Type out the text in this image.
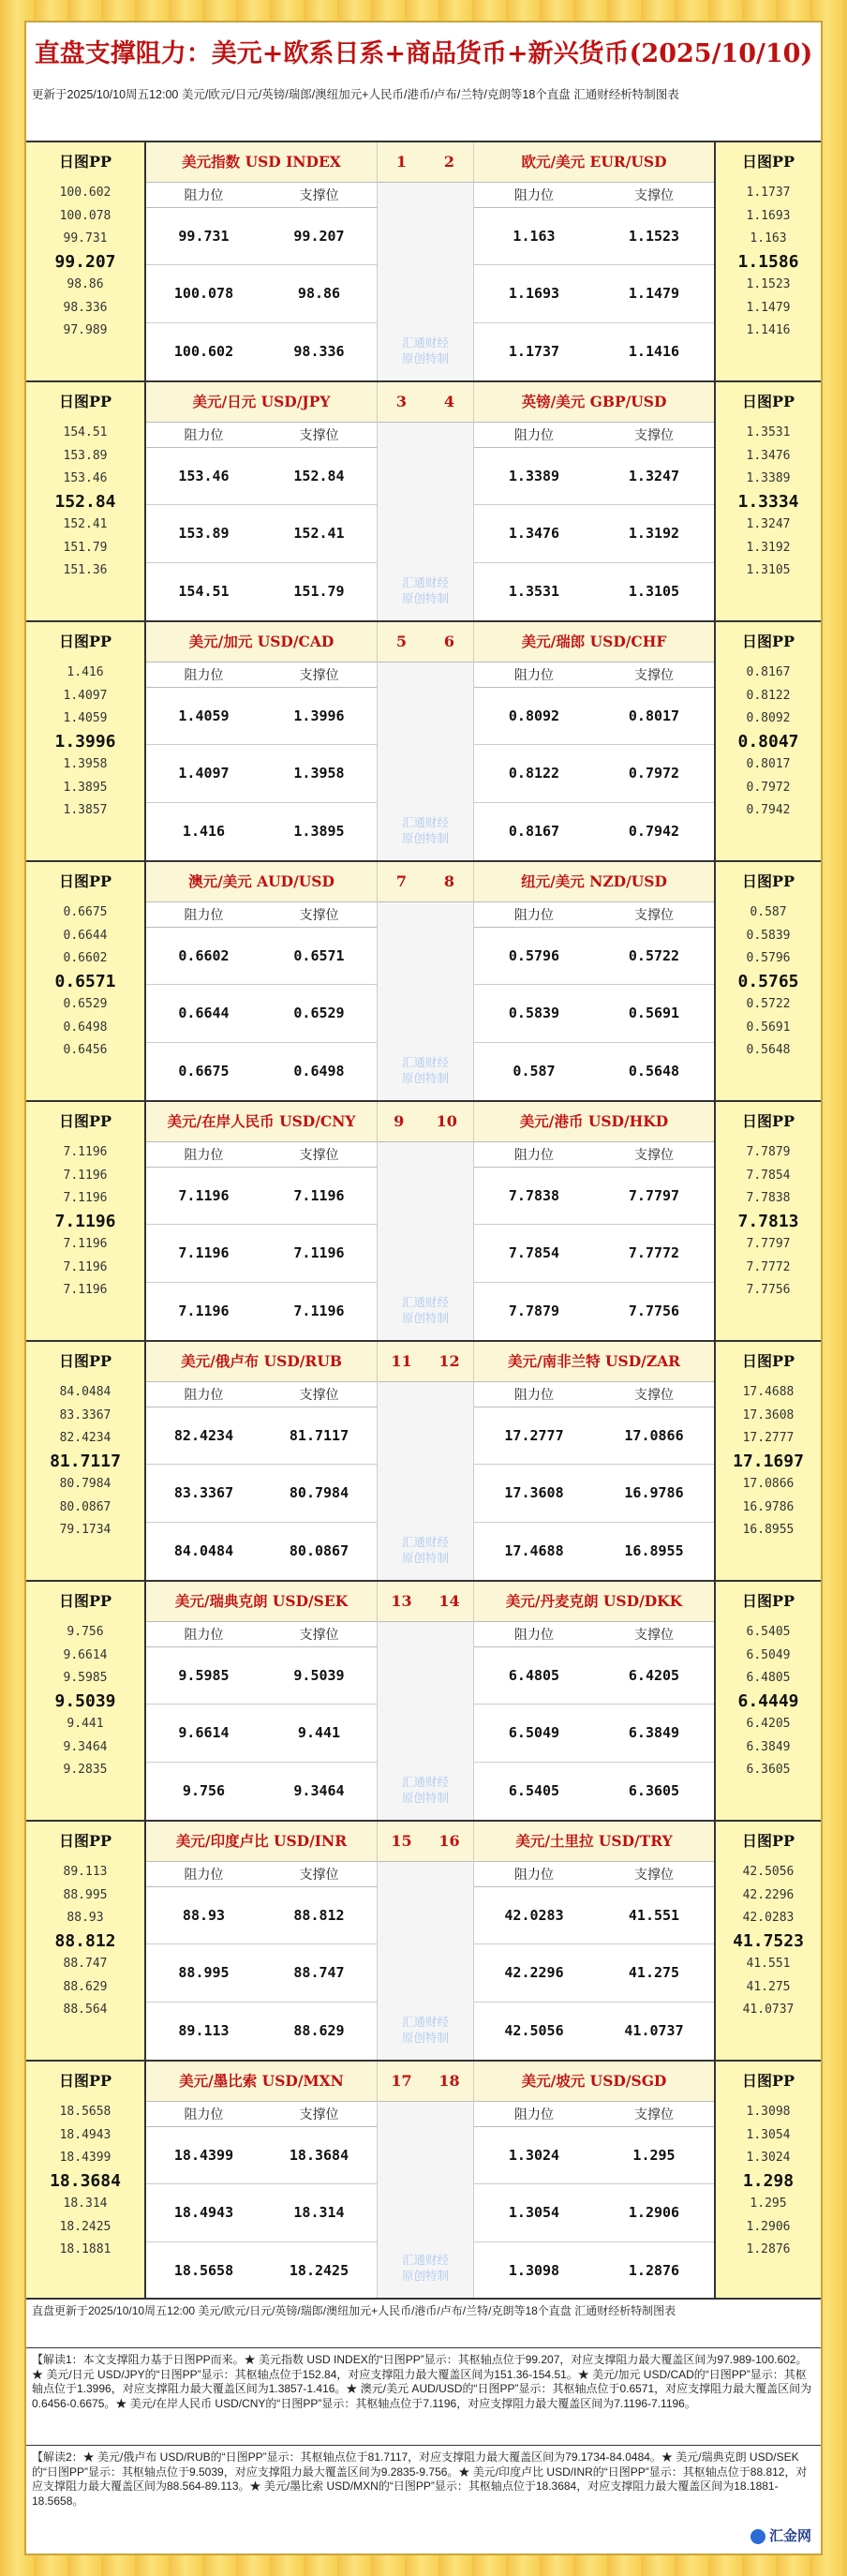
直盘支撑阻力：美元+欧系日系+商品货币+新兴货币(2025/10/10)
更新于2025/10/10周五12:00 美元/欧元/日元/英镑/瑞郎/澳纽加元+人民币/港币/卢布/兰特/克朗等18个直盘 汇通财经析特制图表
日图PP
100.602
100.078
99.731
99.207
98.86
98.336
97.989
美元指数 USD INDEX
阻力位	支撑位
99.731	99.207
100.078	98.86
100.602	98.336
欧元/美元 EUR/USD
阻力位	支撑位
1.163	1.1523
1.1693	1.1479
1.1737	1.1416
1 2
汇通财经
原创特制
日图PP
1.1737
1.1693
1.163
1.1586
1.1523
1.1479
1.1416
日图PP
154.51
153.89
153.46
152.84
152.41
151.79
151.36
美元/日元 USD/JPY
阻力位	支撑位
153.46	152.84
153.89	152.41
154.51	151.79
英镑/美元 GBP/USD
阻力位	支撑位
1.3389	1.3247
1.3476	1.3192
1.3531	1.3105
3 4
汇通财经
原创特制
日图PP
1.3531
1.3476
1.3389
1.3334
1.3247
1.3192
1.3105
日图PP
1.416
1.4097
1.4059
1.3996
1.3958
1.3895
1.3857
美元/加元 USD/CAD
阻力位	支撑位
1.4059	1.3996
1.4097	1.3958
1.416	1.3895
美元/瑞郎 USD/CHF
阻力位	支撑位
0.8092	0.8017
0.8122	0.7972
0.8167	0.7942
5 6
汇通财经
原创特制
日图PP
0.8167
0.8122
0.8092
0.8047
0.8017
0.7972
0.7942
日图PP
0.6675
0.6644
0.6602
0.6571
0.6529
0.6498
0.6456
澳元/美元 AUD/USD
阻力位	支撑位
0.6602	0.6571
0.6644	0.6529
0.6675	0.6498
纽元/美元 NZD/USD
阻力位	支撑位
0.5796	0.5722
0.5839	0.5691
0.587	0.5648
7 8
汇通财经
原创特制
日图PP
0.587
0.5839
0.5796
0.5765
0.5722
0.5691
0.5648
日图PP
7.1196
7.1196
7.1196
7.1196
7.1196
7.1196
7.1196
美元/在岸人民币 USD/CNY
阻力位	支撑位
7.1196	7.1196
7.1196	7.1196
7.1196	7.1196
美元/港币 USD/HKD
阻力位	支撑位
7.7838	7.7797
7.7854	7.7772
7.7879	7.7756
9 10
汇通财经
原创特制
日图PP
7.7879
7.7854
7.7838
7.7813
7.7797
7.7772
7.7756
日图PP
84.0484
83.3367
82.4234
81.7117
80.7984
80.0867
79.1734
美元/俄卢布 USD/RUB
阻力位	支撑位
82.4234	81.7117
83.3367	80.7984
84.0484	80.0867
美元/南非兰特 USD/ZAR
阻力位	支撑位
17.2777	17.0866
17.3608	16.9786
17.4688	16.8955
11 12
汇通财经
原创特制
日图PP
17.4688
17.3608
17.2777
17.1697
17.0866
16.9786
16.8955
日图PP
9.756
9.6614
9.5985
9.5039
9.441
9.3464
9.2835
美元/瑞典克朗 USD/SEK
阻力位	支撑位
9.5985	9.5039
9.6614	9.441
9.756	9.3464
美元/丹麦克朗 USD/DKK
阻力位	支撑位
6.4805	6.4205
6.5049	6.3849
6.5405	6.3605
13 14
汇通财经
原创特制
日图PP
6.5405
6.5049
6.4805
6.4449
6.4205
6.3849
6.3605
日图PP
89.113
88.995
88.93
88.812
88.747
88.629
88.564
美元/印度卢比 USD/INR
阻力位	支撑位
88.93	88.812
88.995	88.747
89.113	88.629
美元/土里拉 USD/TRY
阻力位	支撑位
42.0283	41.551
42.2296	41.275
42.5056	41.0737
15 16
汇通财经
原创特制
日图PP
42.5056
42.2296
42.0283
41.7523
41.551
41.275
41.0737
日图PP
18.5658
18.4943
18.4399
18.3684
18.314
18.2425
18.1881
美元/墨比索 USD/MXN
阻力位	支撑位
18.4399	18.3684
18.4943	18.314
18.5658	18.2425
美元/坡元 USD/SGD
阻力位	支撑位
1.3024	1.295
1.3054	1.2906
1.3098	1.2876
17 18
汇通财经
原创特制
日图PP
1.3098
1.3054
1.3024
1.298
1.295
1.2906
1.2876
直盘更新于2025/10/10周五12:00 美元/欧元/日元/英镑/瑞郎/澳纽加元+人民币/港币/卢布/兰特/克朗等18个直盘 汇通财经析特制图表
【解读1：本文支撑阻力基于日图PP而来。★ 美元指数 USD INDEX的“日图PP”显示：其枢轴点位于99.207，对应支撑阻力最大覆盖区间为97.989-100.602。★ 美元/日元 USD/JPY的“日图PP”显示：其枢轴点位于152.84，对应支撑阻力最大覆盖区间为151.36-154.51。★ 美元/加元 USD/CAD的“日图PP”显示：其枢轴点位于1.3996，对应支撑阻力最大覆盖区间为1.3857-1.416。★ 澳元/美元 AUD/USD的“日图PP”显示：其枢轴点位于0.6571，对应支撑阻力最大覆盖区间为0.6456-0.6675。★ 美元/在岸人民币 USD/CNY的“日图PP”显示：其枢轴点位于7.1196，对应支撑阻力最大覆盖区间为7.1196-7.1196。
【解读2：★ 美元/俄卢布 USD/RUB的“日图PP”显示：其枢轴点位于81.7117，对应支撑阻力最大覆盖区间为79.1734-84.0484。★ 美元/瑞典克朗 USD/SEK的“日图PP”显示：其枢轴点位于9.5039，对应支撑阻力最大覆盖区间为9.2835-9.756。★ 美元/印度卢比 USD/INR的“日图PP”显示：其枢轴点位于88.812，对应支撑阻力最大覆盖区间为88.564-89.113。★ 美元/墨比索 USD/MXN的“日图PP”显示：其枢轴点位于18.3684，对应支撑阻力最大覆盖区间为18.1881-18.5658。
汇金网
